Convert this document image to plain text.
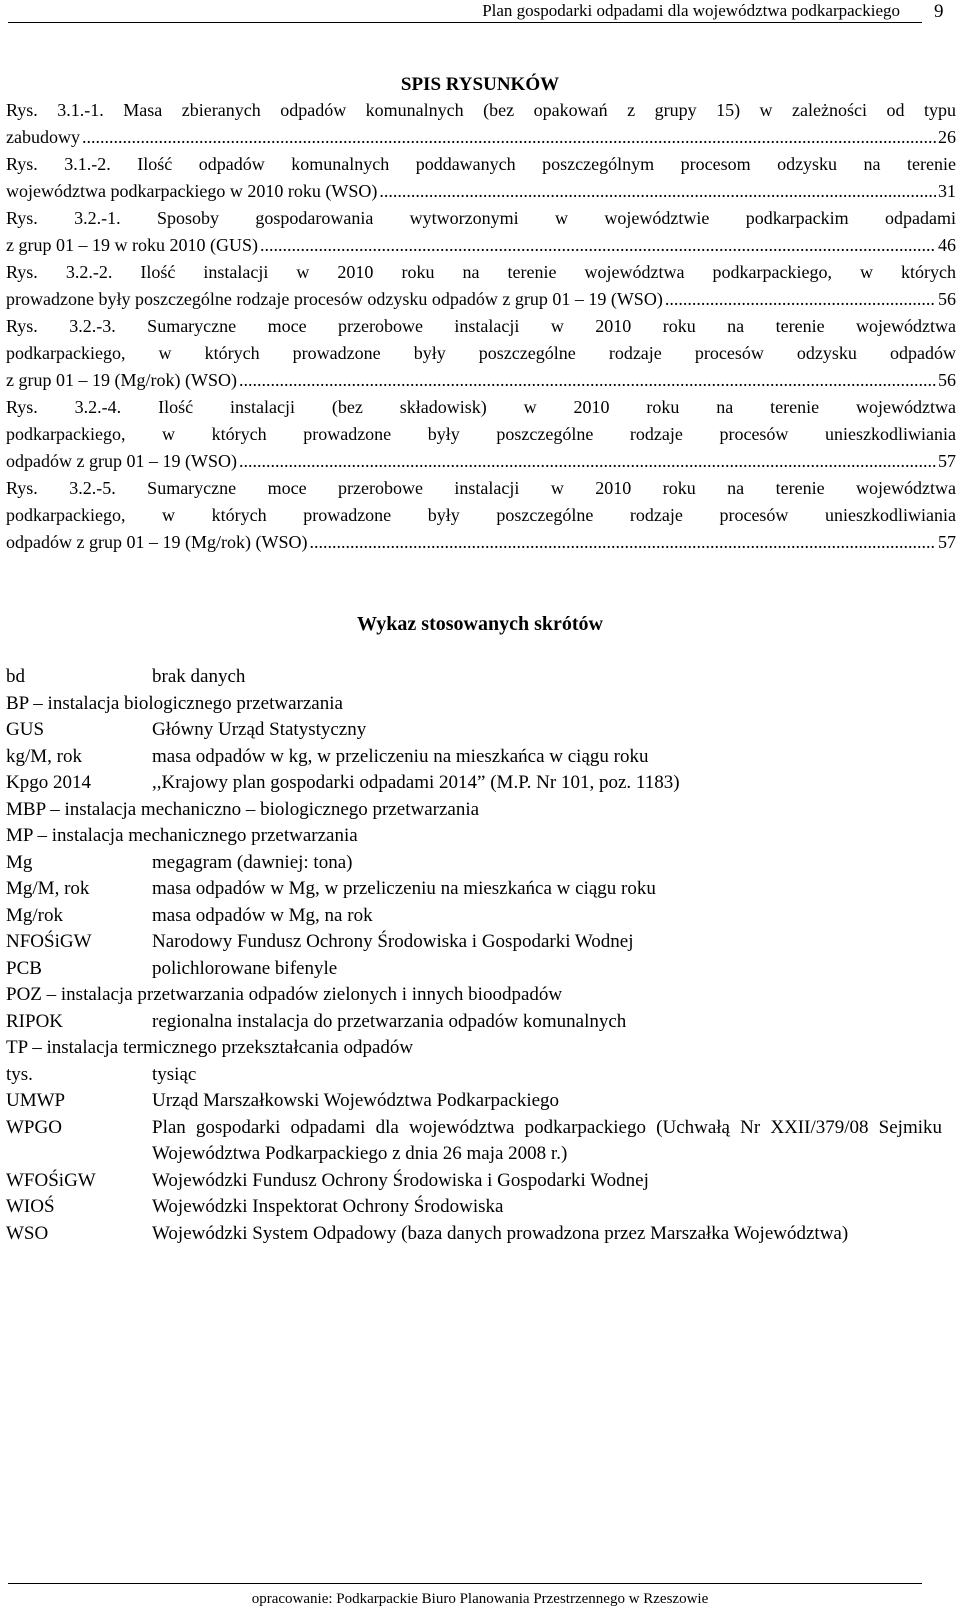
Plan gospodarki odpadami dla województwa podkarpackiego 9
SPIS RYSUNKÓW
Rys. 3.1.-1. Masa zbieranych odpadów komunalnych (bez opakowań z grupy 15) w zależności od typu
zabudowy .....	26
Rys. 3.1.-2. Ilość odpadów komunalnych poddawanych poszczególnym procesom odzysku na terenie
województwa podkarpackiego w 2010 roku (WSO) .....	31
Rys. 3.2.-1. Sposoby gospodarowania wytworzonymi w województwie podkarpackim odpadami
z grup 01 – 19 w roku 2010 (GUS) .....	46
Rys. 3.2.-2. Ilość instalacji w 2010 roku na terenie województwa podkarpackiego, w których
prowadzone były poszczególne rodzaje procesów odzysku odpadów z grup 01 – 19 (WSO) .....	56
Rys. 3.2.-3. Sumaryczne moce przerobowe instalacji w 2010 roku na terenie województwa
podkarpackiego, w których prowadzone były poszczególne rodzaje procesów odzysku odpadów
z grup 01 – 19 (Mg/rok) (WSO) .....	56
Rys. 3.2.-4. Ilość instalacji (bez składowisk) w 2010 roku na terenie województwa
podkarpackiego, w których prowadzone były poszczególne rodzaje procesów unieszkodliwiania
odpadów z grup 01 – 19 (WSO) .....	57
Rys. 3.2.-5. Sumaryczne moce przerobowe instalacji w 2010 roku na terenie województwa
podkarpackiego, w których prowadzone były poszczególne rodzaje procesów unieszkodliwiania
odpadów z grup 01 – 19 (Mg/rok) (WSO) .....	57
Wykaz stosowanych skrótów
bd	brak danych
BP – instalacja biologicznego przetwarzania
GUS	Główny Urząd Statystyczny
kg/M, rok	masa odpadów w kg, w przeliczeniu na mieszkańca w ciągu roku
Kpgo 2014	,,Krajowy plan gospodarki odpadami 2014” (M.P. Nr 101, poz. 1183)
MBP – instalacja mechaniczno – biologicznego przetwarzania
MP – instalacja mechanicznego przetwarzania
Mg	megagram (dawniej: tona)
Mg/M, rok	masa odpadów w Mg, w przeliczeniu na mieszkańca w ciągu roku
Mg/rok	masa odpadów w Mg, na rok
NFOŚiGW	Narodowy Fundusz Ochrony Środowiska i Gospodarki Wodnej
PCB	polichlorowane bifenyle
POZ – instalacja przetwarzania odpadów zielonych i innych bioodpadów
RIPOK	regionalna instalacja do przetwarzania odpadów komunalnych
TP – instalacja termicznego przekształcania odpadów
tys.	tysiąc
UMWP	Urząd Marszałkowski Województwa Podkarpackiego
WPGO	Plan gospodarki odpadami dla województwa podkarpackiego (Uchwałą Nr XXII/379/08 Sejmiku Województwa Podkarpackiego z dnia 26 maja 2008 r.)
WFOŚiGW	Wojewódzki Fundusz Ochrony Środowiska i Gospodarki Wodnej
WIOŚ	Wojewódzki Inspektorat Ochrony Środowiska
WSO	Wojewódzki System Odpadowy (baza danych prowadzona przez Marszałka Województwa)
opracowanie: Podkarpackie Biuro Planowania Przestrzennego w Rzeszowie
